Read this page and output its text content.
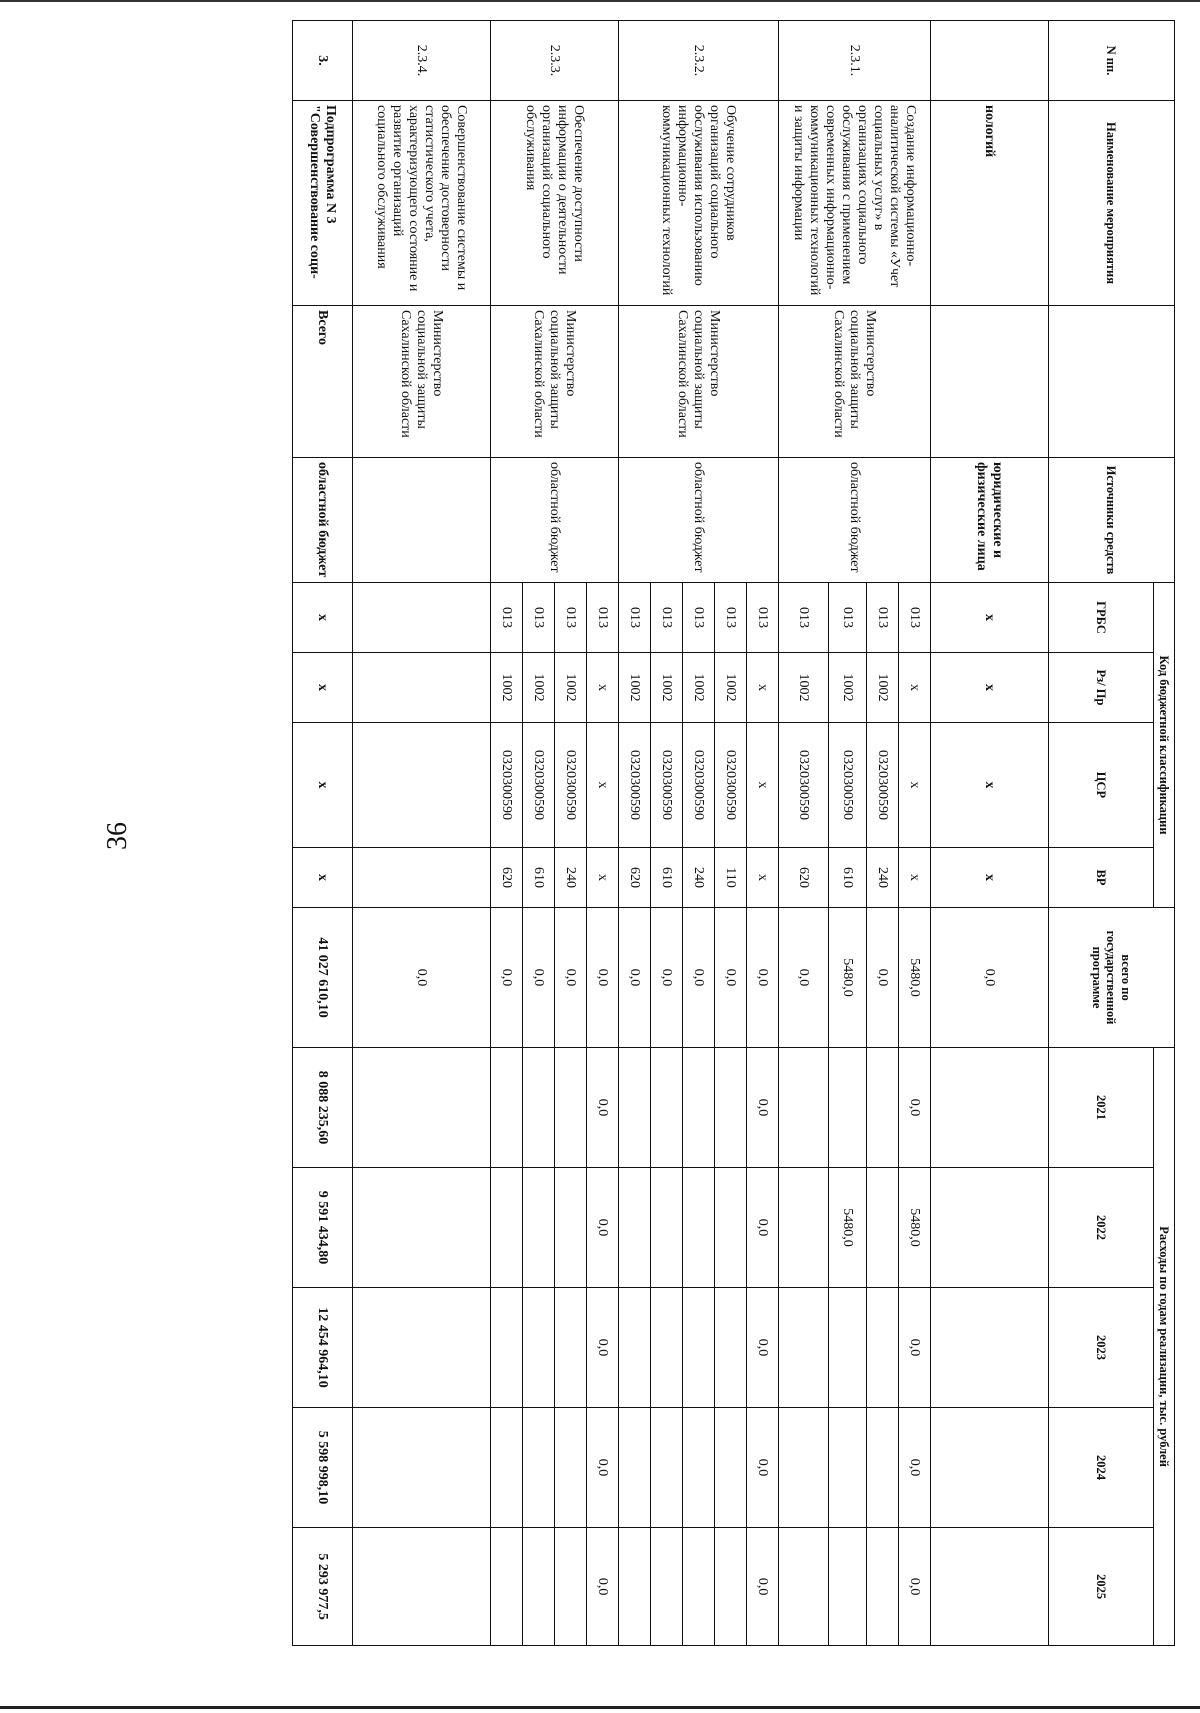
36
N пп.	Наименование мероприятия		Источники средств	Код бюджетной классификации				всего по государственной программе	Расходы по годам реализации, тыс. рублей				
				ГРБС	Рз/ Пр	ЦСР	ВР		2021	2022	2023	2024	2025
	нологий		юридические и физические лица	x	x	x	x	0,0					
2.3.1.	Создание информационно-аналитической системы «Учет социальных услуг» в организациях социального обслуживания с применением современных информационно-коммуникационных технологий и защиты информации	Министерство социальной защиты Сахалинской области	областной бюджет	013	x	x	x	5480,0	0,0	5480,0	0,0	0,0	0,0
				013	1002	0320300590	240	0,0					
				013	1002	0320300590	610	5480,0		5480,0			
				013	1002	0320300590	620	0,0					
2.3.2.	Обучение сотрудников организаций социального обслуживания использованию информационно- коммуникационных технологий	Министерство социальной защиты Сахалинской области	областной бюджет	013	x	x	x	0,0	0,0	0,0	0,0	0,0	0,0
				013	1002	0320300590	110	0,0					
				013	1002	0320300590	240	0,0					
				013	1002	0320300590	610	0,0					
				013	1002	0320300590	620	0,0					
2.3.3.	Обеспечение доступности информации о деятельности организаций социального обслуживания	Министерство социальной защиты Сахалинской области	областной бюджет	013	x	x	x	0,0	0,0	0,0	0,0	0,0	0,0
				013	1002	0320300590	240	0,0					
				013	1002	0320300590	610	0,0					
				013	1002	0320300590	620	0,0					
2.3.4.	Совершенствование системы и обеспечение достоверности статистического учета, характеризующего состояние и развитие организаций социального обслуживания	Министерство социальной защиты Сахалинской области						0,0					
3.	Подпрограмма N 3 "Совершенствование соци-	Всего	областной бюджет	x	x	x	x	41 027 610,10	8 088 235,60	9 591 434,80	12 454 964,10	5 598 998,10	5 293 977,5
